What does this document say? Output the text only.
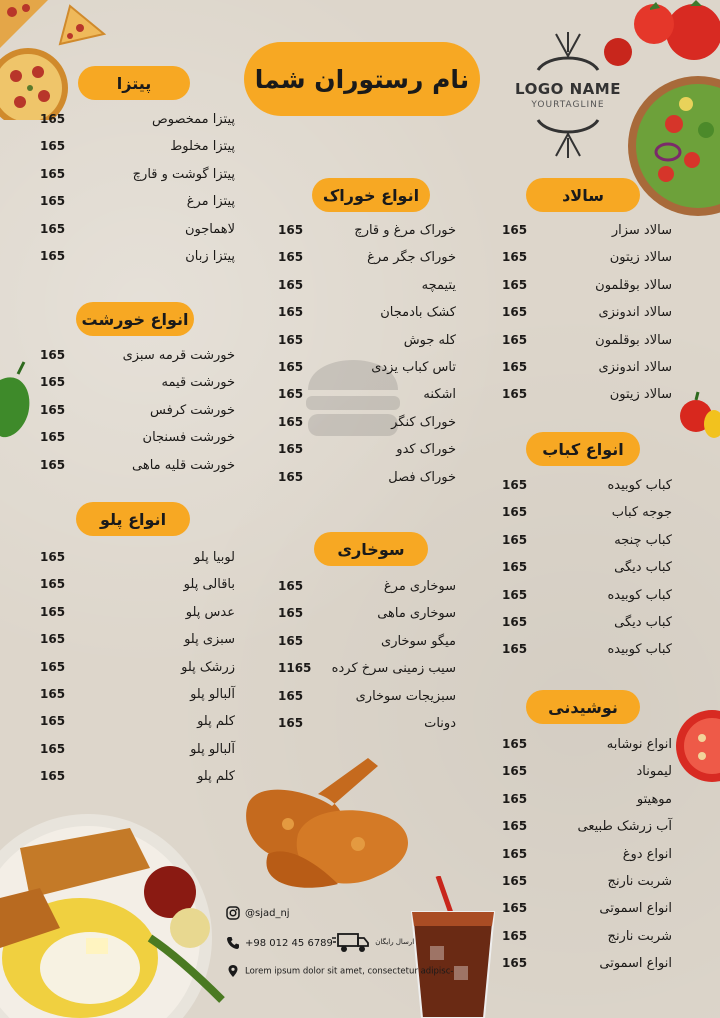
نام رستوران شما	LOGO NAME
YOURTAGLINE
پیتزا
انواع خورشت
انواع پلو
انواع خوراک
سوخاری
سالاد
انواع کباب
نوشیدنی
165	پیتزا ممخصوص
165	پیتزا مخلوط
165	پیتزا گوشت و قارچ
165	پیتزا مرغ
165	لاهماجون
165	پیتزا زبان
165	خورشت قرمه سبزی
165	خورشت قیمه
165	خورشت کرفس
165	خورشت فسنجان
165	خورشت قلیه ماهی
165	لوبیا پلو
165	باقالی پلو
165	عدس پلو
165	سبزی پلو
165	زرشک پلو
165	آلبالو پلو
165	کلم پلو
165	آلبالو پلو
165	کلم پلو
165	خوراک مرغ و قارچ
165	خوراک جگر مرغ
165	یتیمچه
165	کشک بادمجان
165	کله جوش
165	تاس کباب یزدی
165	اشکنه
165	خوراک کنگر
165	خوراک کدو
165	خوراک فصل
165	سوخاری مرغ
165	سوخاری ماهی
165	میگو سوخاری
1165 سیب زمینی سرخ کرده
165	سبزیجات سوخاری
165	دونات
165	سالاد سزار
165	سالاد زیتون
165	سالاد بوقلمون
165	سالاد اندونزی
165	سالاد بوقلمون
165	سالاد اندونزی
165	سالاد زیتون
165	کباب کوبیده
165	جوجه کباب
165	کباب چنجه
165	کباب دیگی
165	کباب کوبیده
165	کباب دیگی
165	کباب کوبیده
165	انواع نوشابه
165	لیموناد
165	موهیتو
165	آب زرشک طبیعی
165	انواع دوغ
165	شربت نارنج
165	انواع اسموتی
165	شربت نارنج
165	انواع اسموتی
@sjad_nj
+98 012 45 6789
Lorem ipsum dolor sit amet, consectetur adipisc-
ارسال رایگان
